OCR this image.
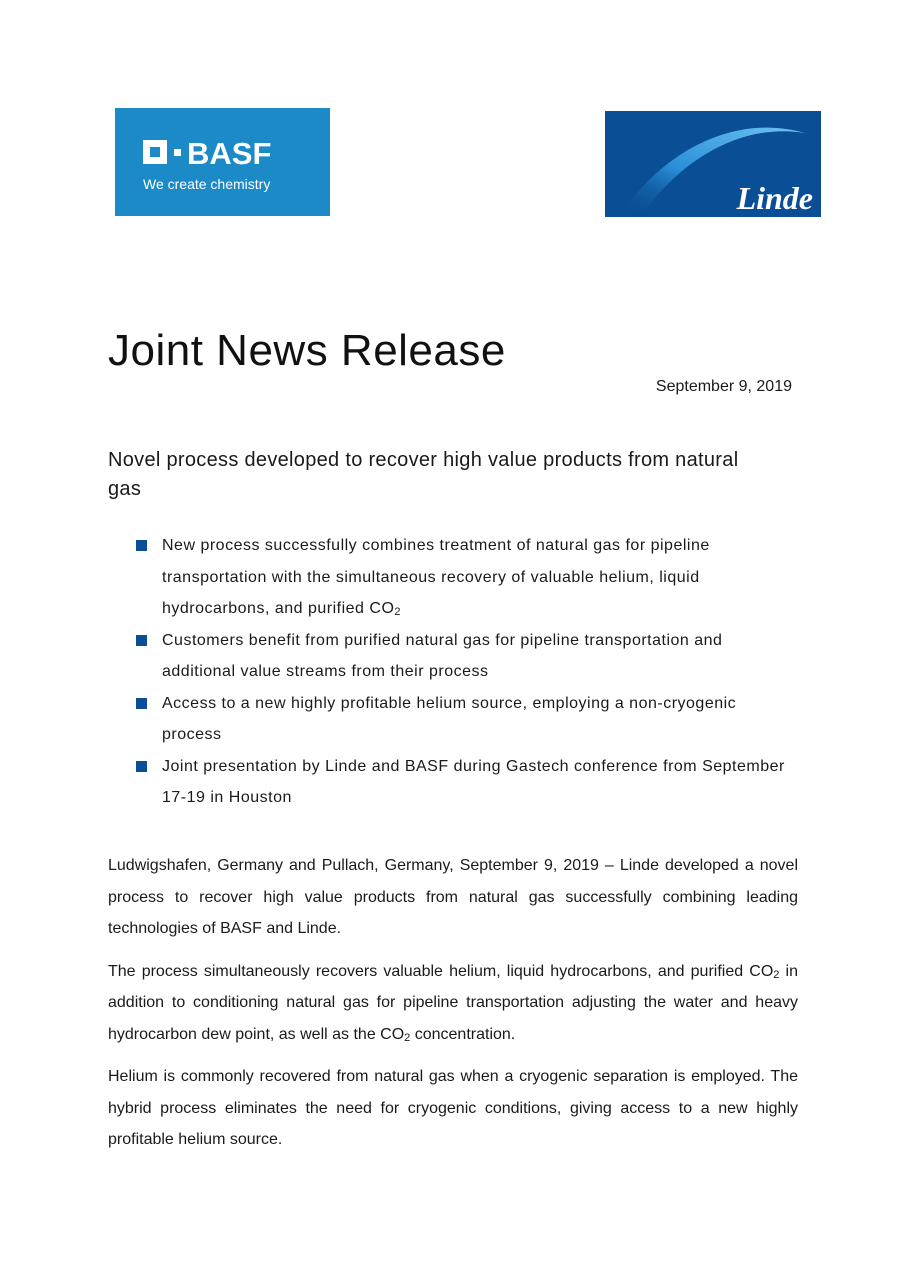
BASF
We create chemistry	Linde
Joint News Release
September 9, 2019
Novel process developed to recover high value products from natural gas
New process successfully combines treatment of natural gas for pipeline transportation with the simultaneous recovery of valuable helium, liquid hydrocarbons, and purified $CO_2$
Customers benefit from purified natural gas for pipeline transportation and additional value streams from their process
Access to a new highly profitable helium source, employing a non-cryogenic process
Joint presentation by Linde and BASF during Gastech conference from September 17-19 in Houston

Ludwigshafen, Germany and Pullach, Germany, September 9, 2019 – Linde developed a novel process to recover high value products from natural gas successfully combining leading technologies of BASF and Linde.

The process simultaneously recovers valuable helium, liquid hydrocarbons, and purified $CO_2$ in addition to conditioning natural gas for pipeline transportation adjusting the water and heavy hydrocarbon dew point, as well as the $CO_2$ concentration.

Helium is commonly recovered from natural gas when a cryogenic separation is employed. The hybrid process eliminates the need for cryogenic conditions, giving access to a new highly profitable helium source.
